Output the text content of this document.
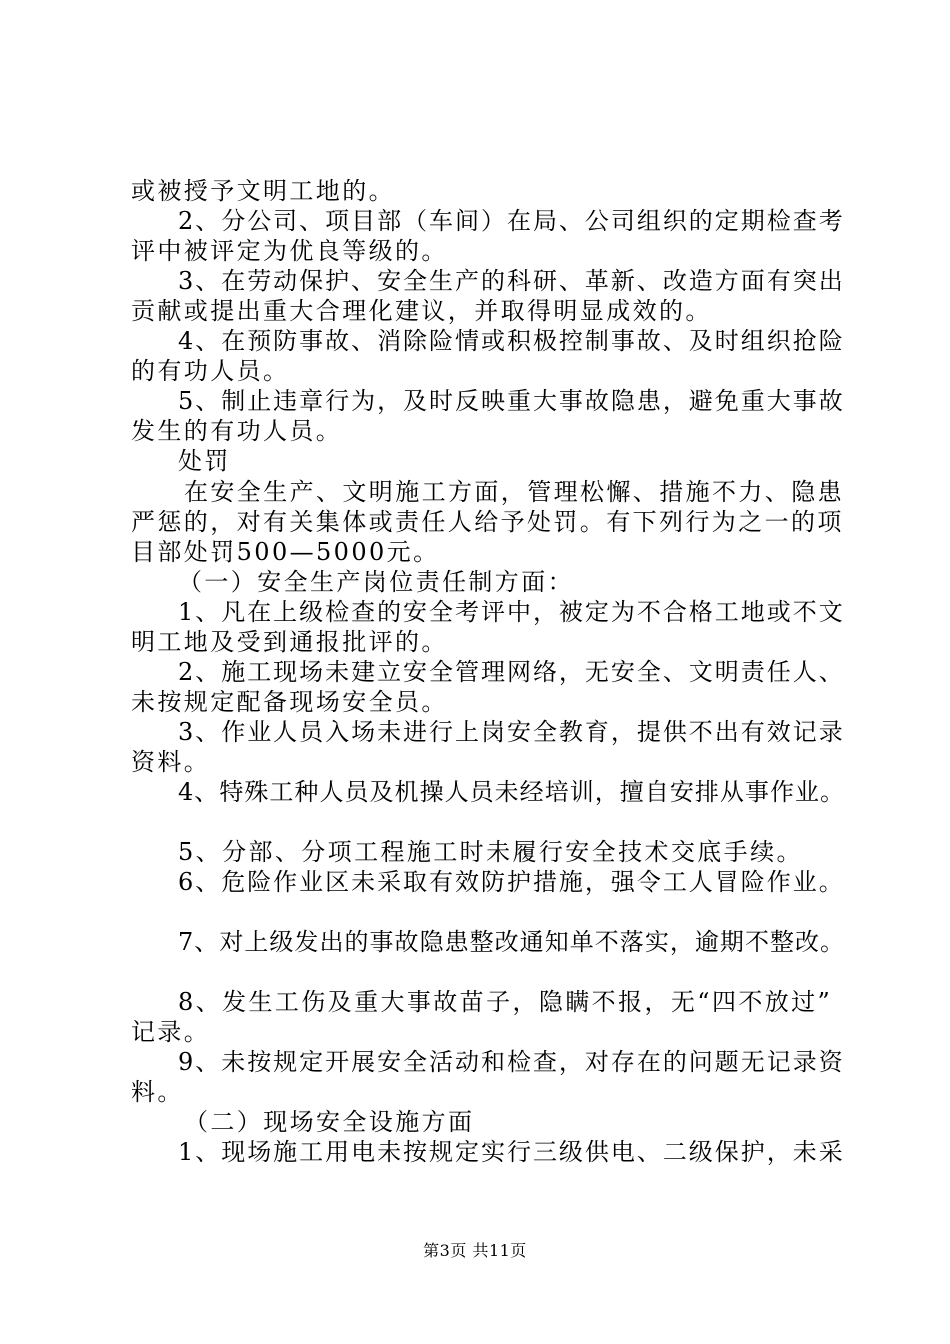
或被授予文明工地的。
2、分公司、项目部（车间）在局、公司组织的定期检查考
评中被评定为优良等级的。
3、在劳动保护、安全生产的科研、革新、改造方面有突出
贡献或提出重大合理化建议，并取得明显成效的。
4、在预防事故、消除险情或积极控制事故、及时组织抢险
的有功人员。
5、制止违章行为，及时反映重大事故隐患，避免重大事故
发生的有功人员。
处罚
在安全生产、文明施工方面，管理松懈、措施不力、隐患
严惩的，对有关集体或责任人给予处罚。有下列行为之一的项
目部处罚500—5000元。
（一）安全生产岗位责任制方面：
1、凡在上级检查的安全考评中，被定为不合格工地或不文
明工地及受到通报批评的。
2、施工现场未建立安全管理网络，无安全、文明责任人、
未按规定配备现场安全员。
3、作业人员入场未进行上岗安全教育，提供不出有效记录
资料。
4、特殊工种人员及机操人员未经培训，擅自安排从事作业。
5、分部、分项工程施工时未履行安全技术交底手续。
6、危险作业区未采取有效防护措施，强令工人冒险作业。
7、对上级发出的事故隐患整改通知单不落实，逾期不整改。
8、发生工伤及重大事故苗子，隐瞒不报，无“四不放过”
记录。
9、未按规定开展安全活动和检查，对存在的问题无记录资
料。
（二）现场安全设施方面
1、现场施工用电未按规定实行三级供电、二级保护，未采
第3页 共11页
